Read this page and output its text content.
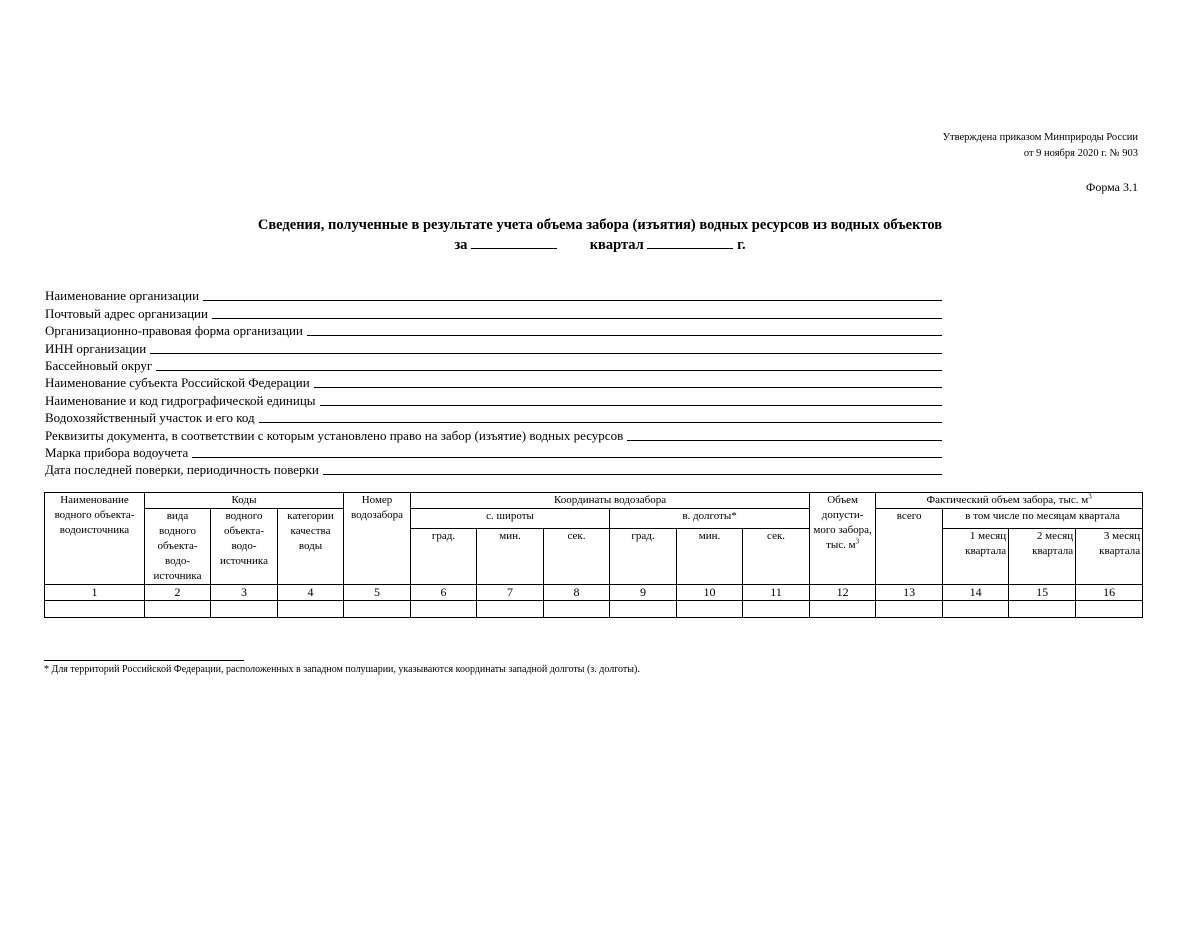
Утверждена приказом Минприроды России
от 9 ноября 2020 г. № 903
Форма 3.1
Сведения, полученные в результате учета объема забора (изъятия) водных ресурсов из водных объектов
за	квартал	г.
Наименование организации
Почтовый адрес организации
Организационно-правовая форма организации
ИНН организации
Бассейновый округ
Наименование субъекта Российской Федерации
Наименование и код гидрографической единицы
Водохозяйственный участок и его код
Реквизиты документа, в соответствии с которым установлено право на забор (изъятие) водных ресурсов
Марка прибора водоучета
Дата последней поверки, периодичность поверки
Наименование водного объекта-водоисточника	Коды			Номер водозабора	Координаты водозабора						Объем допусти-мого забора, тыс. $м^3$	Фактический объем забора, тыс. $м^3$
	вида водного объекта-водо-источника	водного объекта-водо-источника	категории качества воды		с. широты			в. долготы*				всего	в том числе по месяцам квартала		
					град.	мин.	сек.	град.	мин.	сек.			1 месяц квартала	2 месяц квартала	3 месяц квартала
1	2	3	4	5	6	7	8	9	10	11	12	13	14	15	16

* Для территорий Российской Федерации, расположенных в западном полушарии, указываются координаты западной долготы (з. долготы).
